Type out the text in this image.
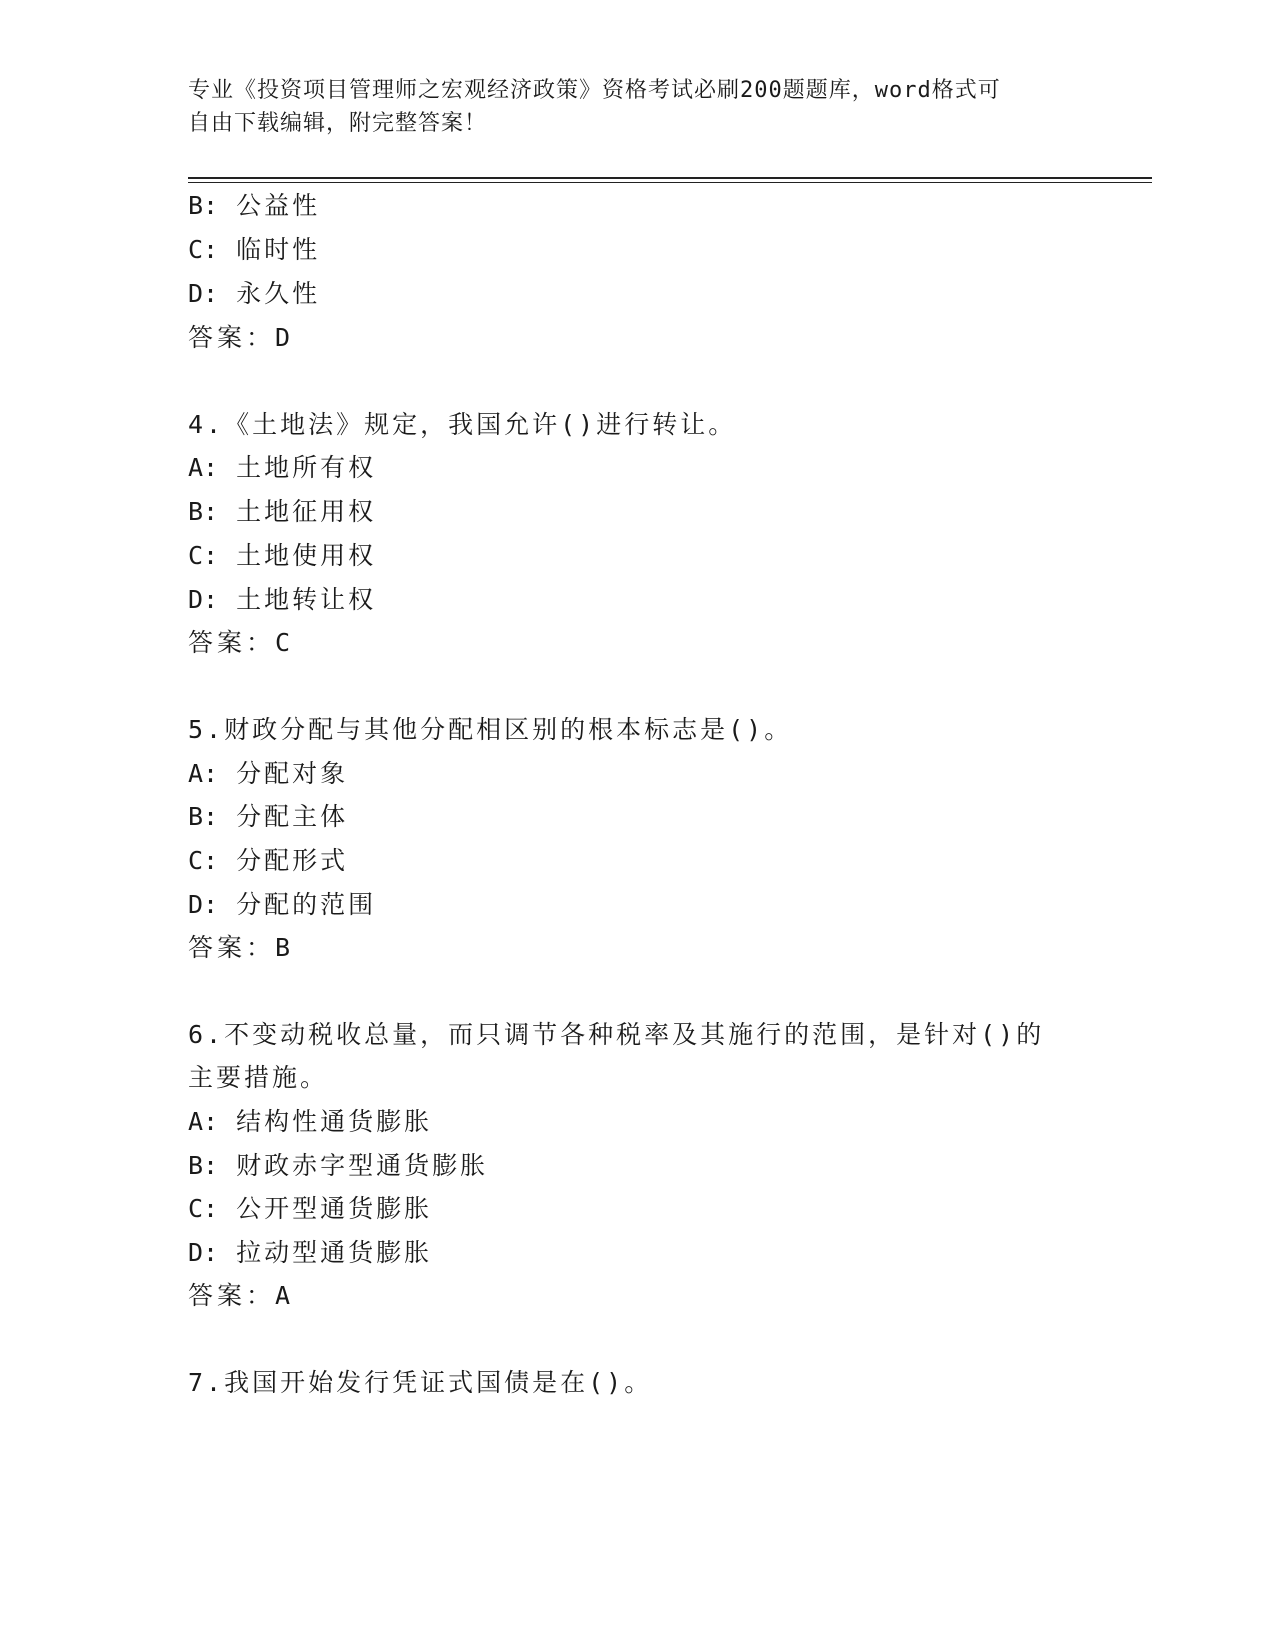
专业《投资项目管理师之宏观经济政策》资格考试必刷200题题库，word格式可
自由下载编辑，附完整答案！
B: 公益性
C: 临时性
D: 永久性
答案：D
4.《土地法》规定，我国允许()进行转让。
A: 土地所有权
B: 土地征用权
C: 土地使用权
D: 土地转让权
答案：C
5.财政分配与其他分配相区别的根本标志是()。
A: 分配对象
B: 分配主体
C: 分配形式
D: 分配的范围
答案：B
6.不变动税收总量，而只调节各种税率及其施行的范围，是针对()的
主要措施。
A: 结构性通货膨胀
B: 财政赤字型通货膨胀
C: 公开型通货膨胀
D: 拉动型通货膨胀
答案：A
7.我国开始发行凭证式国债是在()。
